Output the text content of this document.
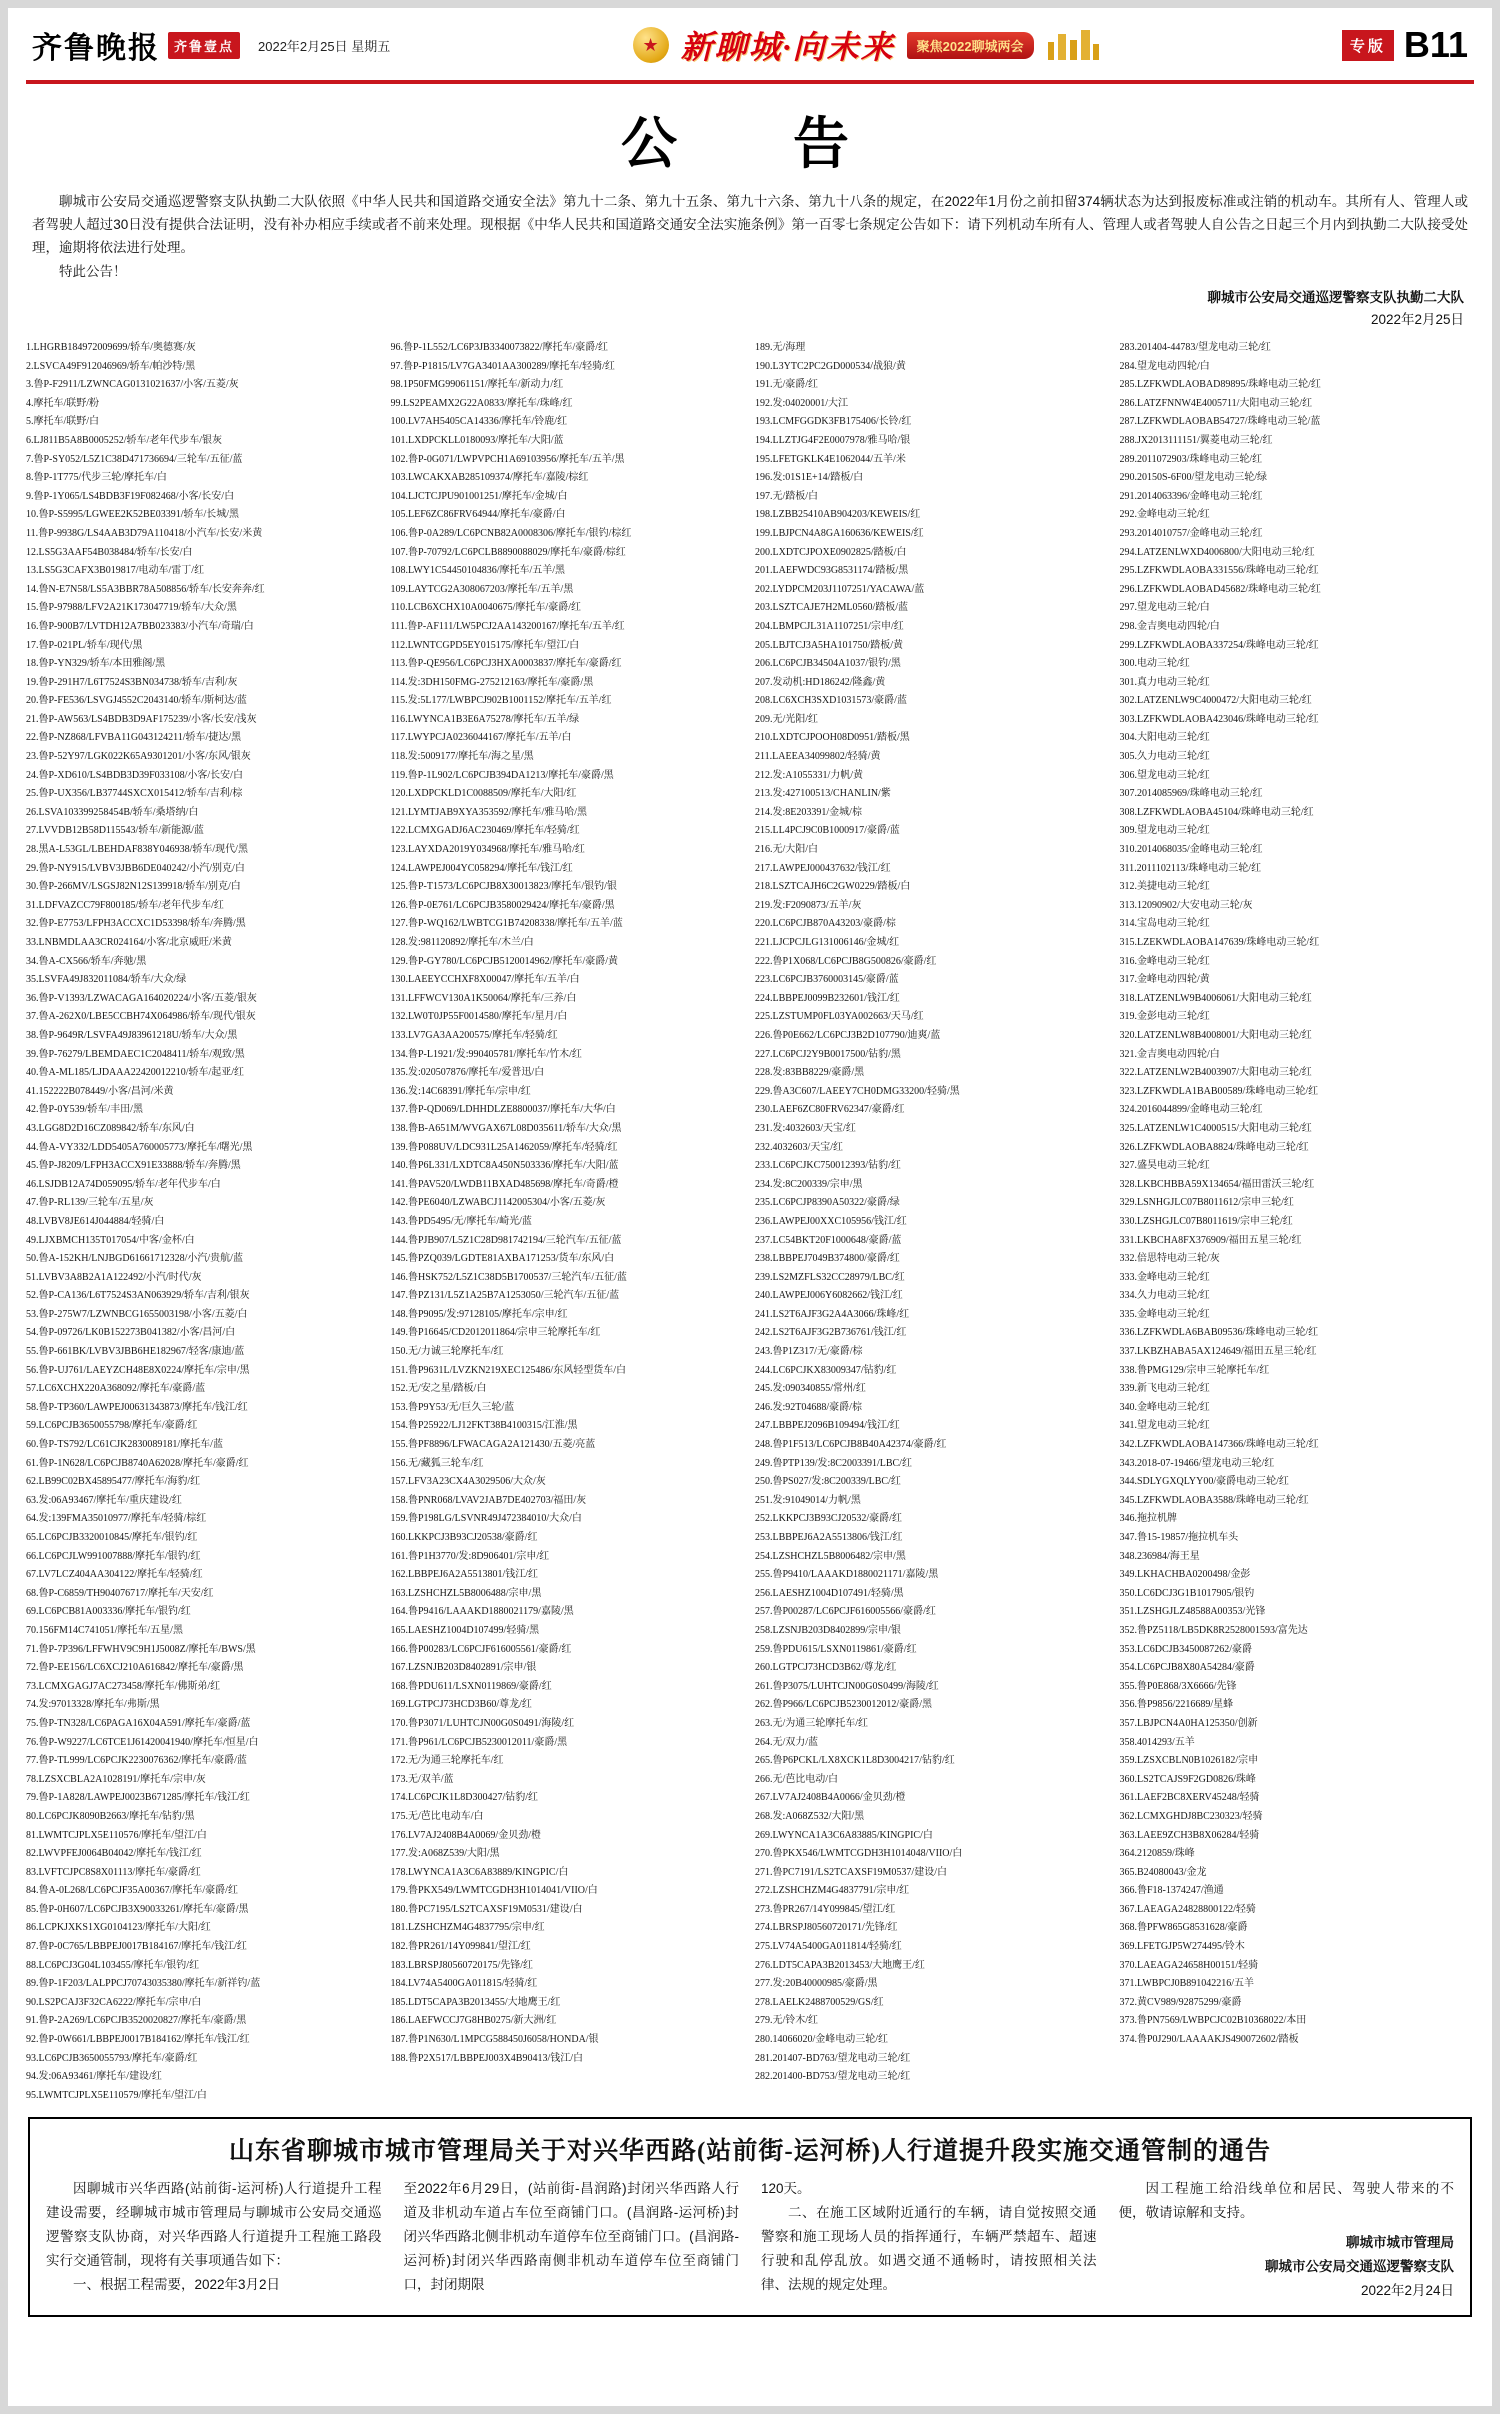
齐鲁晚报	齐鲁壹点	2022年2月25日 星期五	★ 新聊城·向未来	聚焦2022聊城两会	专版 B11
公　告

聊城市公安局交通巡逻警察支队执勤二大队依照《中华人民共和国道路交通安全法》第九十二条、第九十五条、第九十六条、第九十八条的规定，在2022年1月份之前扣留374辆状态为达到报废标准或注销的机动车。其所有人、管理人或者驾驶人超过30日没有提供合法证明，没有补办相应手续或者不前来处理。现根据《中华人民共和国道路交通安全法实施条例》第一百零七条规定公告如下：请下列机动车所有人、管理人或者驾驶人自公告之日起三个月内到执勤二大队接受处理，逾期将依法进行处理。

特此公告！

聊城市公安局交通巡逻警察支队执勤二大队
2022年2月25日
1.LHGRB184972009699/轿车/奥德赛/灰
2.LSVCA49F912046969/轿车/帕沙特/黑
3.鲁P-F2911/LZWNCAG0131021637/小客/五菱/灰
4.摩托车/联野/粉
5.摩托车/联野/白
6.LJ811B5A8B0005252/轿车/老年代步车/银灰
7.鲁P-SY052/L5Z1C38D471736694/三轮车/五征/蓝
8.鲁P-1T775/代步三轮/摩托车/白
9.鲁P-1Y065/LS4BDB3F19F082468/小客/长安/白
10.鲁P-S5995/LGWEE2K52BE03391/轿车/长城/黑
11.鲁P-9938G/LS4AAB3D79A110418/小汽车/长安/米黄
12.LS5G3AAF54B038484/轿车/长安/白
13.LS5G3CAFX3B019817/电动车/雷丁/红
14.鲁N-E7N58/LS5A3BBR78A508856/轿车/长安奔奔/红
15.鲁P-97988/LFV2A21K173047719/轿车/大众/黑
16.鲁P-900B7/LVTDH12A7BB023383/小汽车/奇瑞/白
17.鲁P-021PL/轿车/现代/黑
18.鲁P-YN329/轿车/本田雅阁/黑
19.鲁P-291H7/L6T7524S3BN034738/轿车/吉利/灰
20.鲁P-FE536/LSVGJ4552C2043140/轿车/斯柯达/蓝
21.鲁P-AW563/LS4BDB3D9AF175239/小客/长安/浅灰
22.鲁P-NZ868/LFVBA11G043124211/轿车/捷达/黑
23.鲁P-52Y97/LGK022K65A9301201/小客/东风/银灰
24.鲁P-XD610/LS4BDB3D39F033108/小客/长安/白
25.鲁P-UX356/LB37744SXCX015412/轿车/吉利/棕
26.LSVA103399258454B/轿车/桑塔纳/白
27.LVVDB12B58D115543/轿车/新能源/蓝
28.黑A-L53GL/LBEHDAF838Y046938/轿车/现代/黑
29.鲁P-NY915/LVBV3JBB6DE040242/小汽/别克/白
30.鲁P-266MV/LSGSJ82N12S139918/轿车/别克/白
31.LDFVAZCC79F800185/轿车/老年代步车/红
32.鲁P-E7753/LFPH3ACCXC1D53398/轿车/奔腾/黑
33.LNBMDLAA3CR024164/小客/北京威旺/米黄
34.鲁A-CX566/轿车/奔驰/黑
35.LSVFA49J832011084/轿车/大众/绿
36.鲁P-V1393/LZWACAGA164020224/小客/五菱/银灰
37.鲁A-262X0/LBE5CCBH74X064986/轿车/现代/银灰
38.鲁P-9649R/LSVFA49J83961218U/轿车/大众/黑
39.鲁P-76279/LBEMDAEC1C2048411/轿车/观致/黑
40.鲁A-ML185/LJDAAA22420012210/轿车/起亚/红
41.152222B078449/小客/昌河/米黄
42.鲁P-0Y539/轿车/丰田/黑
43.LGG8D2D16CZ089842/轿车/东风/白
44.鲁A-VY332/LDD5405A760005773/摩托车/曙光/黑
45.鲁P-J8209/LFPH3ACCX91E33888/轿车/奔腾/黑
46.LSJDB12A74D059095/轿车/老年代步车/白
47.鲁P-RL139/三轮车/五星/灰
48.LVBV8JE614J044884/轻骑/白
49.LJXBMCH135T017054/中客/金杯/白
50.鲁A-152KH/LNJBGD61661712328/小汽/贵航/蓝
51.LVBV3A8B2A1A122492/小汽/时代/灰
52.鲁P-CA136/L6T7524S3AN063929/轿车/吉利/银灰
53.鲁P-275W7/LZWNBCG1655003198/小客/五菱/白
54.鲁P-09726/LK0B152273B041382/小客/昌河/白
55.鲁P-661BK/LVBV3JBB6HE182967/轻客/康迪/蓝
56.鲁P-UJ761/LAEYZCH48E8X0224/摩托车/宗申/黑
57.LC6XCHX220A368092/摩托车/豪爵/蓝
58.鲁P-TP360/LAWPEJ00631343873/摩托车/钱江/红
59.LC6PCJB3650055798/摩托车/豪爵/红
60.鲁P-TS792/LC61CJK2830089181/摩托车/蓝
61.鲁P-1N628/LC6PCJB8740A62028/摩托车/豪爵/红
62.LB99C02BX45895477/摩托车/海豹/红
63.发:06A93467/摩托车/重庆建设/红
64.发:139FMA35010977/摩托车/轻骑/棕红
65.LC6PCJB3320010845/摩托车/银钓/红
66.LC6PCJLW991007888/摩托车/银钓/红
67.LV7LCZ404AA304122/摩托车/轻骑/红
68.鲁P-C6859/TH904076717/摩托车/天安/红
69.LC6PCB81A003336/摩托车/银钓/红
70.156FM14C741051/摩托车/五星/黑
71.鲁P-7P396/LFFWHV9C9H1J5008Z/摩托车/BWS/黑
72.鲁P-EE156/LC6XCJ210A616842/摩托车/豪爵/黑
73.LCMXGAGJ7AC273458/摩托车/佛斯弟/红
74.发:97013328/摩托车/弗斯/黑
75.鲁P-TN328/LC6PAGA16X04A591/摩托车/豪爵/蓝
76.鲁P-W9227/LC6TCE1J61420041940/摩托车/恒星/白
77.鲁P-TL999/LC6PCJK2230076362/摩托车/豪爵/蓝
78.LZSXCBLA2A1028191/摩托车/宗申/灰
79.鲁P-1A828/LAWPEJ0023B671285/摩托车/钱江/红
80.LC6PCJK8090B2663/摩托车/钻豹/黑
81.LWMTCJPLX5E110576/摩托车/望江/白
82.LWVPFEJ0064B04042/摩托车/钱江/红
83.LVFTCJPC8S8X01113/摩托车/豪爵/红
84.鲁A-0L268/LC6PCJF35A00367/摩托车/豪爵/红
85.鲁P-0H607/LC6PCJB3X90033261/摩托车/豪爵/黑
86.LCPKJXKS1XG0104123/摩托车/大阳/红
87.鲁P-0C765/LBBPEJ0017B184167/摩托车/钱江/红
88.LC6PCJ3G04L103455/摩托车/银钓/红
89.鲁P-1F203/LALPPCJ70743035380/摩托车/新祥钓/蓝
90.LS2PCAJ3F32CA6222/摩托车/宗申/白
91.鲁P-2A269/LC6PCJB3520020827/摩托车/豪爵/黑
92.鲁P-0W661/LBBPEJ0017B184162/摩托车/钱江/红
93.LC6PCJB3650055793/摩托车/豪爵/红
94.发:06A93461/摩托车/建设/红
95.LWMTCJPLX5E110579/摩托车/望江/白
96.鲁P-1L552/LC6P3JB3340073822/摩托车/豪爵/红
97.鲁P-P1815/LV7GA3401AA300289/摩托车/轻骑/红
98.1P50FMG99061151/摩托车/新动力/红
99.LS2PEAMX2G22A0833/摩托车/珠峰/红
100.LV7AH5405CA14336/摩托车/铃鹿/红
101.LXDPCKLL0180093/摩托车/大阳/蓝
102.鲁P-0G071/LWPVPCH1A69103956/摩托车/五羊/黑
103.LWCAKXAB285109374/摩托车/嘉陵/棕红
104.LJCTCJPU901001251/摩托车/金城/白
105.LEF6ZC86FRV64944/摩托车/豪爵/白
106.鲁P-0A289/LC6PCNB82A0008306/摩托车/银钓/棕红
107.鲁P-70792/LC6PCLB8890088029/摩托车/豪爵/棕红
108.LWY1C54450104836/摩托车/五羊/黑
109.LAYTCG2A308067203/摩托车/五羊/黑
110.LCB6XCHX10A0040675/摩托车/豪爵/红
111.鲁P-AF111/LW5PCJ2AA143200167/摩托车/五羊/红
112.LWNTCGPD5EY015175/摩托车/望江/白
113.鲁P-QE956/LC6PCJ3HXA0003837/摩托车/豪爵/红
114.发:3DH150FMG-275212163/摩托车/豪爵/黑
115.发:5L177/LWBPCJ902B1001152/摩托车/五羊/红
116.LWYNCA1B3E6A75278/摩托车/五羊/绿
117.LWYPCJA0236044167/摩托车/五羊/白
118.发:5009177/摩托车/海之星/黑
119.鲁P-1L902/LC6PCJB394DA1213/摩托车/豪爵/黑
120.LXDPCKLD1C0088509/摩托车/大阳/红
121.LYMTJAB9XYA353592/摩托车/雅马哈/黑
122.LCMXGADJ6AC230469/摩托车/轻骑/红
123.LAYXDA2019Y034968/摩托车/雅马哈/红
124.LAWPEJ004YC058294/摩托车/钱江/红
125.鲁P-T1573/LC6PCJB8X30013823/摩托车/银钓/银
126.鲁P-0E761/LC6PCJB3580029424/摩托车/豪爵/黑
127.鲁P-WQ162/LWBTCG1B74208338/摩托车/五羊/蓝
128.发:981120892/摩托车/木兰/白
129.鲁P-GY780/LC6PCJB5120014962/摩托车/豪爵/黄
130.LAEEYCCHXF8X00047/摩托车/五羊/白
131.LFFWCV130A1K50064/摩托车/三养/白
132.LW0T0JP55F0014580/摩托车/星月/白
133.LV7GA3AA200575/摩托车/轻骑/红
134.鲁P-L1921/发:990405781/摩托车/竹木/红
135.发:020507876/摩托车/爱普迅/白
136.发:14C68391/摩托车/宗申/红
137.鲁P-QD069/LDHHDLZE8800037/摩托车/大华/白
138.鲁B-A651M/WVGAX67L08D035611/轿车/大众/黑
139.鲁P088UV/LDC931L25A1462059/摩托车/轻骑/红
140.鲁P6L331/LXDTC8A450N503336/摩托车/大阳/蓝
141.鲁PAV520/LWDB11BXAD485698/摩托车/奇爵/橙
142.鲁PE6040/LZWABCJ1142005304/小客/五菱/灰
143.鲁PD5495/无/摩托车/崎光/蓝
144.鲁PJB907/L5Z1C28D981742194/三轮汽车/五征/蓝
145.鲁PZQ039/LGDTE81AXBA171253/货车/东风/白
146.鲁HSK752/L5Z1C38D5B1700537/三轮汽车/五征/蓝
147.鲁PZ131/L5Z1A25B7A1253050/三轮汽车/五征/蓝
148.鲁P9095/发:97128105/摩托车/宗申/红
149.鲁P16645/CD2012011864/宗申三轮摩托车/红
150.无/力诚三轮摩托车/红
151.鲁P9631L/LVZKN219XEC125486/东风轻型货车/白
152.无/安之星/踏板/白
153.鲁P9Y53/无/巨久三轮/蓝
154.鲁P25922/LJ12FKT38B4100315/江淮/黑
155.鲁PF8896/LFWACAGA2A121430/五菱/亮蓝
156.无/藏狐三轮车/红
157.LFV3A23CX4A3029506/大众/灰
158.鲁PNR068/LVAV2JAB7DE402703/福田/灰
159.鲁P198LG/LSVNR49J472384010/大众/白
160.LKKPCJ3B93CJ20538/豪爵/红
161.鲁P1H3770/发:8D906401/宗申/红
162.LBBPEJ6A2A5513801/钱江/红
163.LZSHCHZL5B8006488/宗申/黑
164.鲁P9416/LAAAKD1880021179/嘉陵/黑
165.LAESHZ1004D107499/轻骑/黑
166.鲁P00283/LC6PCJF616005561/豪爵/红
167.LZSNJB203D8402891/宗申/银
168.鲁PDU611/LSXN0119869/豪爵/红
169.LGTPCJ73HCD3B60/尊龙/红
170.鲁P3071/LUHTCJN00G0S0491/海陵/红
171.鲁P961/LC6PCJB5230012011/豪爵/黑
172.无/为通三轮摩托车/红
173.无/双羊/蓝
174.LC6PCJK1L8D300427/钻豹/红
175.无/芭比电动车/白
176.LV7AJ2408B4A0069/金贝劲/橙
177.发:A068Z539/大阳/黑
178.LWYNCA1A3C6A83889/KINGPIC/白
179.鲁PKX549/LWMTCGDH3H1014041/VIIO/白
180.鲁PC7195/LS2TCAXSF19M0531/建设/白
181.LZSHCHZM4G4837795/宗申/红
182.鲁PR261/14Y099841/望江/红
183.LBRSPJ80560720175/先锋/红
184.LV74A5400GA011815/轻骑/红
185.LDT5CAPA3B2013455/大地鹰王/红
186.LAEFWCCJ7G8HB0275/新大洲/红
187.鲁P1N630/L1MPCG588450J6058/HONDA/银
188.鲁P2X517/LBBPEJ003X4B90413/钱江/白
189.无/海理
190.L3YTC2PC2GD000534/战狼/黄
191.无/豪爵/红
192.发:04020001/大江
193.LCMFGGDK3FB175406/长铃/红
194.LLZTJG4F2E0007978/雅马哈/银
195.LFETGKLK4E1062044/五羊/米
196.发:01S1E+14/踏板/白
197.无/踏板/白
198.LZBB25410AB904203/KEWEIS/红
199.LBJPCN4A8GA160636/KEWEIS/红
200.LXDTCJPOXE0902825/踏板/白
201.LAEFWDC93G8531174/踏板/黑
202.LYDPCM203J1107251/YACAWA/蓝
203.LSZTCAJE7H2ML0560/踏板/蓝
204.LBMPCJL31A1107251/宗申/红
205.LBJTCJ3A5HA101750/踏板/黄
206.LC6PCJB34504A1037/银钓/黑
207.发动机:HD186242/隆鑫/黄
208.LC6XCH3SXD1031573/豪爵/蓝
209.无/光阳/红
210.LXDTCJPOOH08D0951/踏板/黑
211.LAEEA34099802/轻骑/黄
212.发:A1055331/力帆/黄
213.发:427100513/CHANLIN/紫
214.发:8E203391/金城/棕
215.LL4PCJ9C0B1000917/豪爵/蓝
216.无/大阳/白
217.LAWPEJ000437632/钱江/红
218.LSZTCAJH6C2GW0229/踏板/白
219.发:F2090873/五羊/灰
220.LC6PCJB870A43203/豪爵/棕
221.LJCPCJLG131006146/金城/红
222.鲁P1X068/LC6PCJB8G500826/豪爵/红
223.LC6PCJB3760003145/豪爵/蓝
224.LBBPEJ0099B232601/钱江/红
225.LZSTUMP0FL03YA002663/天马/红
226.鲁P0E662/LC6PCJ3B2D107790/迪爽/蓝
227.LC6PCJ2Y9B0017500/钻豹/黑
228.发:83BB8229/豪爵/黑
229.鲁A3C607/LAEEY7CH0DMG33200/轻骑/黑
230.LAEF6ZC80FRV62347/豪爵/红
231.发:4032603/天宝/红
232.4032603/天宝/红
233.LC6PCJKC750012393/钻豹/红
234.发:8C200339/宗申/黑
235.LC6PCJP8390A50322/豪爵/绿
236.LAWPEJ00XXC105956/钱江/红
237.LC54BKT20F1000648/豪爵/蓝
238.LBBPEJ7049B374800/豪爵/红
239.LS2MZFLS32CC28979/LBC/红
240.LAWPEJ006Y6082662/钱江/红
241.LS2T6AJF3G2A4A3066/珠峰/红
242.LS2T6AJF3G2B736761/钱江/红
243.鲁P1Z317/无/豪爵/棕
244.LC6PCJKX83009347/钻豹/红
245.发:090340855/常州/红
246.发:92T04688/豪爵/棕
247.LBBPEJ2096B109494/钱江/红
248.鲁P1F513/LC6PCJB8B40A42374/豪爵/红
249.鲁PTP139/发:8C2003391/LBC/红
250.鲁PS027/发:8C200339/LBC/红
251.发:91049014/力帆/黑
252.LKKPCJ3B93CJ20532/豪爵/红
253.LBBPEJ6A2A5513806/钱江/红
254.LZSHCHZL5B8006482/宗申/黑
255.鲁P9410/LAAAKD1880021171/嘉陵/黑
256.LAESHZ1004D107491/轻骑/黑
257.鲁P00287/LC6PCJF616005566/豪爵/红
258.LZSNJB203D8402899/宗申/银
259.鲁PDU615/LSXN0119861/豪爵/红
260.LGTPCJ73HCD3B62/尊龙/红
261.鲁P3075/LUHTCJN00G0S0499/海陵/红
262.鲁P966/LC6PCJB5230012012/豪爵/黑
263.无/为通三轮摩托车/红
264.无/双力/蓝
265.鲁P6PCKL/LX8XCK1L8D3004217/钻豹/红
266.无/芭比电动/白
267.LV7AJ2408B4A0066/金贝劲/橙
268.发:A068Z532/大阳/黑
269.LWYNCA1A3C6A83885/KINGPIC/白
270.鲁PKX546/LWMTCGDH3H1014048/VIIO/白
271.鲁PC7191/LS2TCAXSF19M0537/建设/白
272.LZSHCHZM4G4837791/宗申/红
273.鲁PR267/14Y099845/望江/红
274.LBRSPJ80560720171/先锋/红
275.LV74A5400GA011814/轻骑/红
276.LDT5CAPA3B2013453/大地鹰王/红
277.发:20B40000985/豪爵/黑
278.LAELK2488700529/GS/红
279.无/铃木/红
280.14066020/金峰电动三轮/红
281.201407-BD763/望龙电动三轮/红
282.201400-BD753/望龙电动三轮/红
283.201404-44783/望龙电动三轮/红
284.望龙电动四轮/白
285.LZFKWDLAOBAD89895/珠峰电动三轮/红
286.LATZFNNW4E4005711/大阳电动三轮/红
287.LZFKWDLAOBAB54727/珠峰电动三轮/蓝
288.JX2013111151/翼菱电动三轮/红
289.2011072903/珠峰电动三轮/红
290.20150S-6F00/望龙电动三轮/绿
291.2014063396/金峰电动三轮/红
292.金峰电动三轮/红
293.2014010757/金峰电动三轮/红
294.LATZENLWXD4006800/大阳电动三轮/红
295.LZFKWDLAOBA331556/珠峰电动三轮/红
296.LZFKWDLAOBAD45682/珠峰电动三轮/红
297.望龙电动三轮/白
298.金吉奥电动四轮/白
299.LZFKWDLAOBA337254/珠峰电动三轮/红
300.电动三轮/红
301.真力电动三轮/红
302.LATZENLW9C4000472/大阳电动三轮/红
303.LZFKWDLAOBA423046/珠峰电动三轮/红
304.大阳电动三轮/红
305.久力电动三轮/红
306.望龙电动三轮/红
307.2014085969/珠峰电动三轮/红
308.LZFKWDLAOBA45104/珠峰电动三轮/红
309.望龙电动三轮/红
310.2014068035/金峰电动三轮/红
311.2011102113/珠峰电动三轮/红
312.美捷电动三轮/红
313.12090902/大安电动三轮/灰
314.宝岛电动三轮/红
315.LZEKWDLAOBA147639/珠峰电动三轮/红
316.金峰电动三轮/红
317.金峰电动四轮/黄
318.LATZENLW9B4006061/大阳电动三轮/红
319.金彭电动三轮/红
320.LATZENLW8B4008001/大阳电动三轮/红
321.金吉奥电动四轮/白
322.LATZENLW2B4003907/大阳电动三轮/红
323.LZFKWDLA1BAB00589/珠峰电动三轮/红
324.2016044899/金峰电动三轮/红
325.LATZENLW1C4000515/大阳电动三轮/红
326.LZFKWDLAOBA8824/珠峰电动三轮/红
327.盛昊电动三轮/红
328.LKBCHBBA59X134654/福田雷沃三轮/红
329.LSNHGJLC07B8011612/宗申三轮/红
330.LZSHGJLC07B8011619/宗申三轮/红
331.LKBCHA8FX376909/福田五星三轮/红
332.倍思特电动三轮/灰
333.金峰电动三轮/红
334.久力电动三轮/红
335.金峰电动三轮/红
336.LZFKWDLA6BAB09536/珠峰电动三轮/红
337.LKBZHABA5AX124649/福田五星三轮/红
338.鲁PMG129/宗申三轮摩托车/红
339.新飞电动三轮/红
340.金峰电动三轮/红
341.望龙电动三轮/红
342.LZFKWDLAOBA147366/珠峰电动三轮/红
343.2018-07-19466/望龙电动三轮/红
344.SDLYGXQLYY00/豪爵电动三轮/红
345.LZFKWDLAOBA3588/珠峰电动三轮/红
346.拖拉机牌
347.鲁15-19857/拖拉机车头
348.236984/海王星
349.LKHACHBA0200498/金彭
350.LC6DCJ3G1B1017905/银钓
351.LZSHGJLZ48588A00353/光锋
352.鲁PZ5118/LB5DK8R2528001593/富先达
353.LC6DCJB3450087262/豪爵
354.LC6PCJB8X80A54284/豪爵
355.鲁P0E868/3X6666/先锋
356.鲁P9856/2216689/星蜂
357.LBJPCN4A0HA125350/创新
358.4014293/五羊
359.LZSXCBLN0B1026182/宗申
360.LS2TCAJS9F2GD0826/珠峰
361.LAEF2BC8XERV45248/轻骑
362.LCMXGHDJ8BC230323/轻骑
363.LAEE9ZCH3B8X06284/轻骑
364.2120859/珠峰
365.B24080043/金龙
366.鲁F18-1374247/渔通
367.LAEAGA24828800122/轻骑
368.鲁PFW865G8531628/豪爵
369.LFETGJP5W274495/铃木
370.LAEAGA24658H00151/轻骑
371.LWBPCJ0B891042216/五羊
372.黄CV989/92875299/豪爵
373.鲁PN7569/LWBPCJC02B10368022/本田
374.鲁P0J290/LAAAAKJS490072602/踏板
山东省聊城市城市管理局关于对兴华西路(站前街-运河桥)人行道提升段实施交通管制的通告

因聊城市兴华西路(站前街-运河桥)人行道提升工程建设需要，经聊城市城市管理局与聊城市公安局交通巡逻警察支队协商，对兴华西路人行道提升工程施工路段实行交通管制，现将有关事项通告如下：

一、根据工程需要，2022年3月2日

至2022年6月29日，(站前街-昌润路)封闭兴华西路人行道及非机动车道占车位至商铺门口。(昌润路-运河桥)封闭兴华西路北侧非机动车道停车位至商铺门口。(昌润路-运河桥)封闭兴华西路南侧非机动车道停车位至商铺门口，封闭期限

120天。

二、在施工区域附近通行的车辆，请自觉按照交通警察和施工现场人员的指挥通行，车辆严禁超车、超速行驶和乱停乱放。如遇交通不通畅时，请按照相关法律、法规的规定处理。

因工程施工给沿线单位和居民、驾驶人带来的不便，敬请谅解和支持。

聊城市城市管理局
聊城市公安局交通巡逻警察支队
2022年2月24日
